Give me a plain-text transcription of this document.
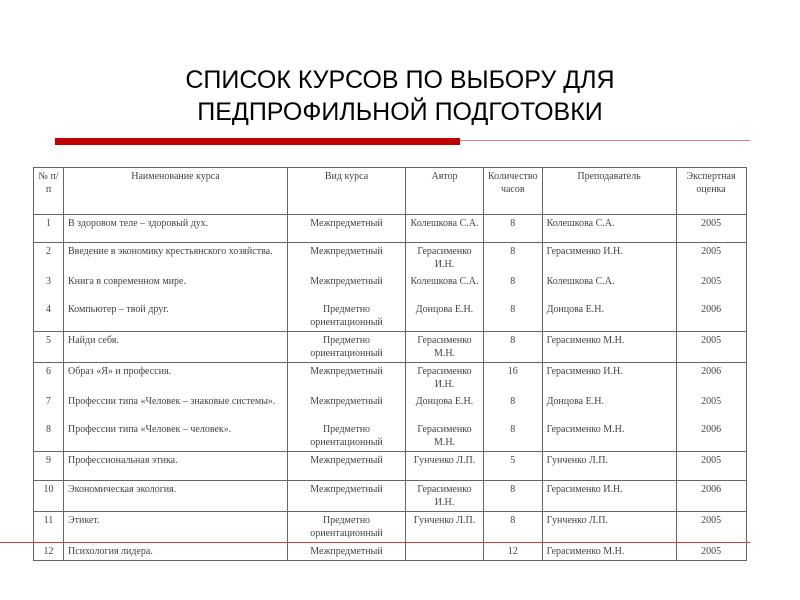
СПИСОК КУРСОВ ПО ВЫБОРУ ДЛЯ
ПЕДПРОФИЛЬНОЙ ПОДГОТОВКИ
№ п/п	Наименование курса	Вид курса	Автор	Количество часов	Преподаватель	Экспертная оценка
1	В здоровом теле – здоровый дух.	Межпредметный	Колешкова С.А.	8	Колешкова С.А.	2005
2	Введение в экономику крестьянского хозяйства.	Межпредметный	Герасименко И.Н.	8	Герасименко И.Н.	2005
3	Книга в современном мире.	Межпредметный	Колешкова С.А.	8	Колешкова С.А.	2005
4	Компьютер – твой друг.	Предметно ориентационный	Донцова Е.Н.	8	Донцова Е.Н.	2006
5	Найди себя.	Предметно ориентационный	Герасименко М.Н.	8	Герасименко М.Н.	2005
6	Образ «Я» и профессия.	Межпредметный	Герасименко И.Н.	16	Герасименко И.Н.	2006
7	Профессии типа «Человек – знаковые системы».	Межпредметный	Донцова Е.Н.	8	Донцова Е.Н.	2005
8	Профессии типа «Человек – человек».	Предметно ориентационный	Герасименко М.Н.	8	Герасименко М.Н.	2006
9	Профессиональная этика.	Межпредметный	Гунченко Л.П.	5	Гунченко Л.П.	2005
10	Экономическая экология.	Межпредметный	Герасименко И.Н.	8	Герасименко И.Н.	2006
11	Этикет.	Предметно ориентационный	Гунченко Л.П.	8	Гунченко Л.П.	2005
12	Психология лидера.	Межпредметный		12	Герасименко М.Н.	2005
